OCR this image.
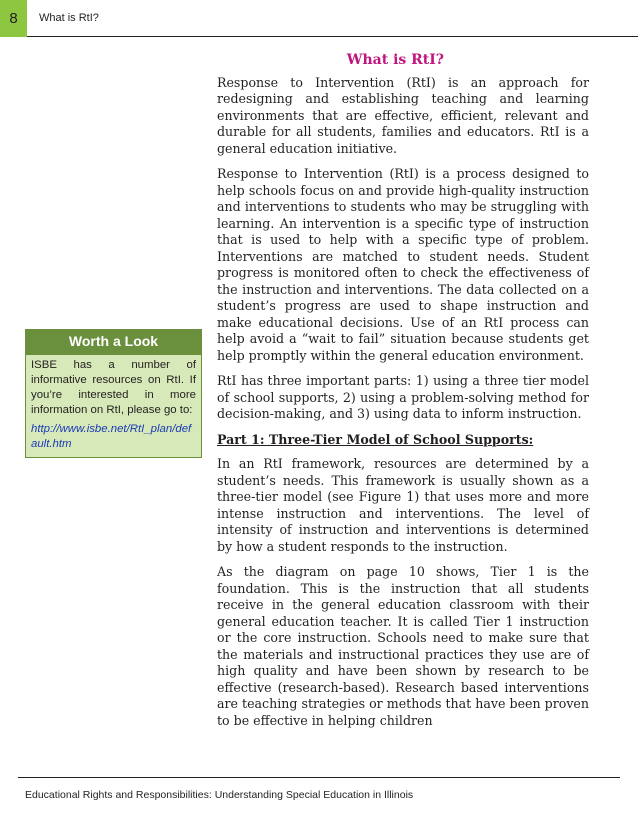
8 What is RtI?
Worth a Look
ISBE has a number of informative resources on RtI. If you’re interested in more information on RtI, please go to:
http://www.isbe.net/RtI_plan/default.htm
What is RtI?

Response to Intervention (RtI) is an approach for redesigning and establishing teaching and learning environments that are effective, efficient, relevant and durable for all students, families and educators. RtI is a general education initiative.

Response to Intervention (RtI) is a process designed to help schools focus on and provide high-quality instruction and interventions to students who may be struggling with learning. An intervention is a specific type of instruction that is used to help with a specific type of problem. Interventions are matched to student needs. Student progress is monitored often to check the effectiveness of the instruction and interventions. The data collected on a student’s progress are used to shape instruction and make educational decisions. Use of an RtI process can help avoid a “wait to fail” situation because students get help promptly within the general education environment.

RtI has three important parts: 1) using a three tier model of school supports, 2) using a problem-solving method for decision-making, and 3) using data to inform instruction.

Part 1: Three-Tier Model of School Supports:

In an RtI framework, resources are determined by a student’s needs. This framework is usually shown as a three-tier model (see Figure 1) that uses more and more intense instruction and interventions. The level of intensity of instruction and interventions is determined by how a student responds to the instruction.

As the diagram on page 10 shows, Tier 1 is the foundation. This is the instruction that all students receive in the general education classroom with their general education teacher. It is called Tier 1 instruction or the core instruction. Schools need to make sure that the materials and instructional practices they use are of high quality and have been shown by research to be effective (research-based). Research based interventions are teaching strategies or methods that have been proven to be effective in helping children

Educational Rights and Responsibilities: Understanding Special Education in Illinois
